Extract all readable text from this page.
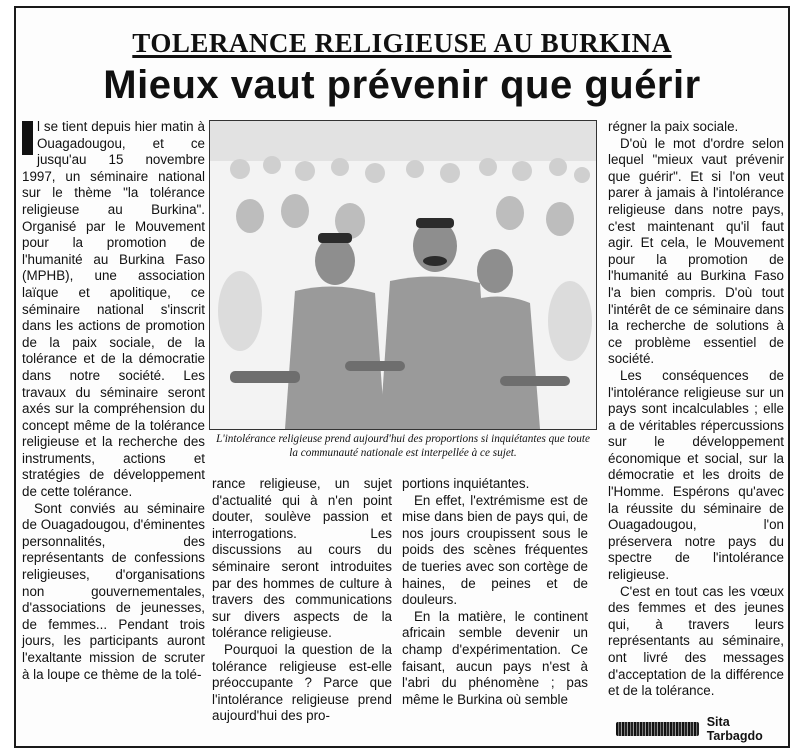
TOLERANCE RELIGIEUSE AU BURKINA
Mieux vaut prévenir que guérir

l se tient depuis hier matin à Ouagadougou, et ce jusqu'au 15 novembre 1997, un séminaire national sur le thème "la tolérance religieuse au Burkina". Organisé par le Mouvement pour la promotion de l'humanité au Burkina Faso (MPHB), une association laïque et apolitique, ce séminaire national s'inscrit dans les actions de promotion de la paix sociale, de la tolérance et de la démocratie dans notre société. Les travaux du séminaire seront axés sur la compréhension du concept même de la tolérance religieuse et la recherche des instruments, actions et stratégies de développement de cette tolérance.

Sont conviés au séminaire de Ouagadougou, d'éminentes personnalités, des représentants de confessions religieuses, d'organisations non gouvernementales, d'associations de jeunesses, de femmes... Pendant trois jours, les participants auront l'exaltante mission de scruter à la loupe ce thème de la tolé-

L'intolérance religieuse prend aujourd'hui des proportions si inquiétantes que toute la communauté nationale est interpellée à ce sujet.

rance religieuse, un sujet d'actualité qui à n'en point douter, soulève passion et interrogations. Les discussions au cours du séminaire seront introduites par des hommes de culture à travers des communications sur divers aspects de la tolérance religieuse.

Pourquoi la question de la tolérance religieuse est-elle préoccupante ? Parce que l'intolérance religieuse prend aujourd'hui des pro-

portions inquiétantes.

En effet, l'extrémisme est de mise dans bien de pays qui, de nos jours croupissent sous le poids des scènes fréquentes de tueries avec son cortège de haines, de peines et de douleurs.

En la matière, le continent africain semble devenir un champ d'expérimentation. Ce faisant, aucun pays n'est à l'abri du phénomène ; pas même le Burkina où semble

régner la paix sociale.

D'où le mot d'ordre selon lequel "mieux vaut prévenir que guérir". Et si l'on veut parer à jamais à l'intolérance religieuse dans notre pays, c'est maintenant qu'il faut agir. Et cela, le Mouvement pour la promotion de l'humanité au Burkina Faso l'a bien compris. D'où tout l'intérêt de ce séminaire dans la recherche de solutions à ce problème essentiel de société.

Les conséquences de l'intolérance religieuse sur un pays sont incalculables ; elle a de véritables répercussions sur le développement économique et social, sur la démocratie et les droits de l'Homme. Espérons qu'avec la réussite du séminaire de Ouagadougou, l'on préservera notre pays du spectre de l'intolérance religieuse.

C'est en tout cas les vœux des femmes et des jeunes qui, à travers leurs représentants au séminaire, ont livré des messages d'acceptation de la différence et de la tolérance.

Sita Tarbagdo
